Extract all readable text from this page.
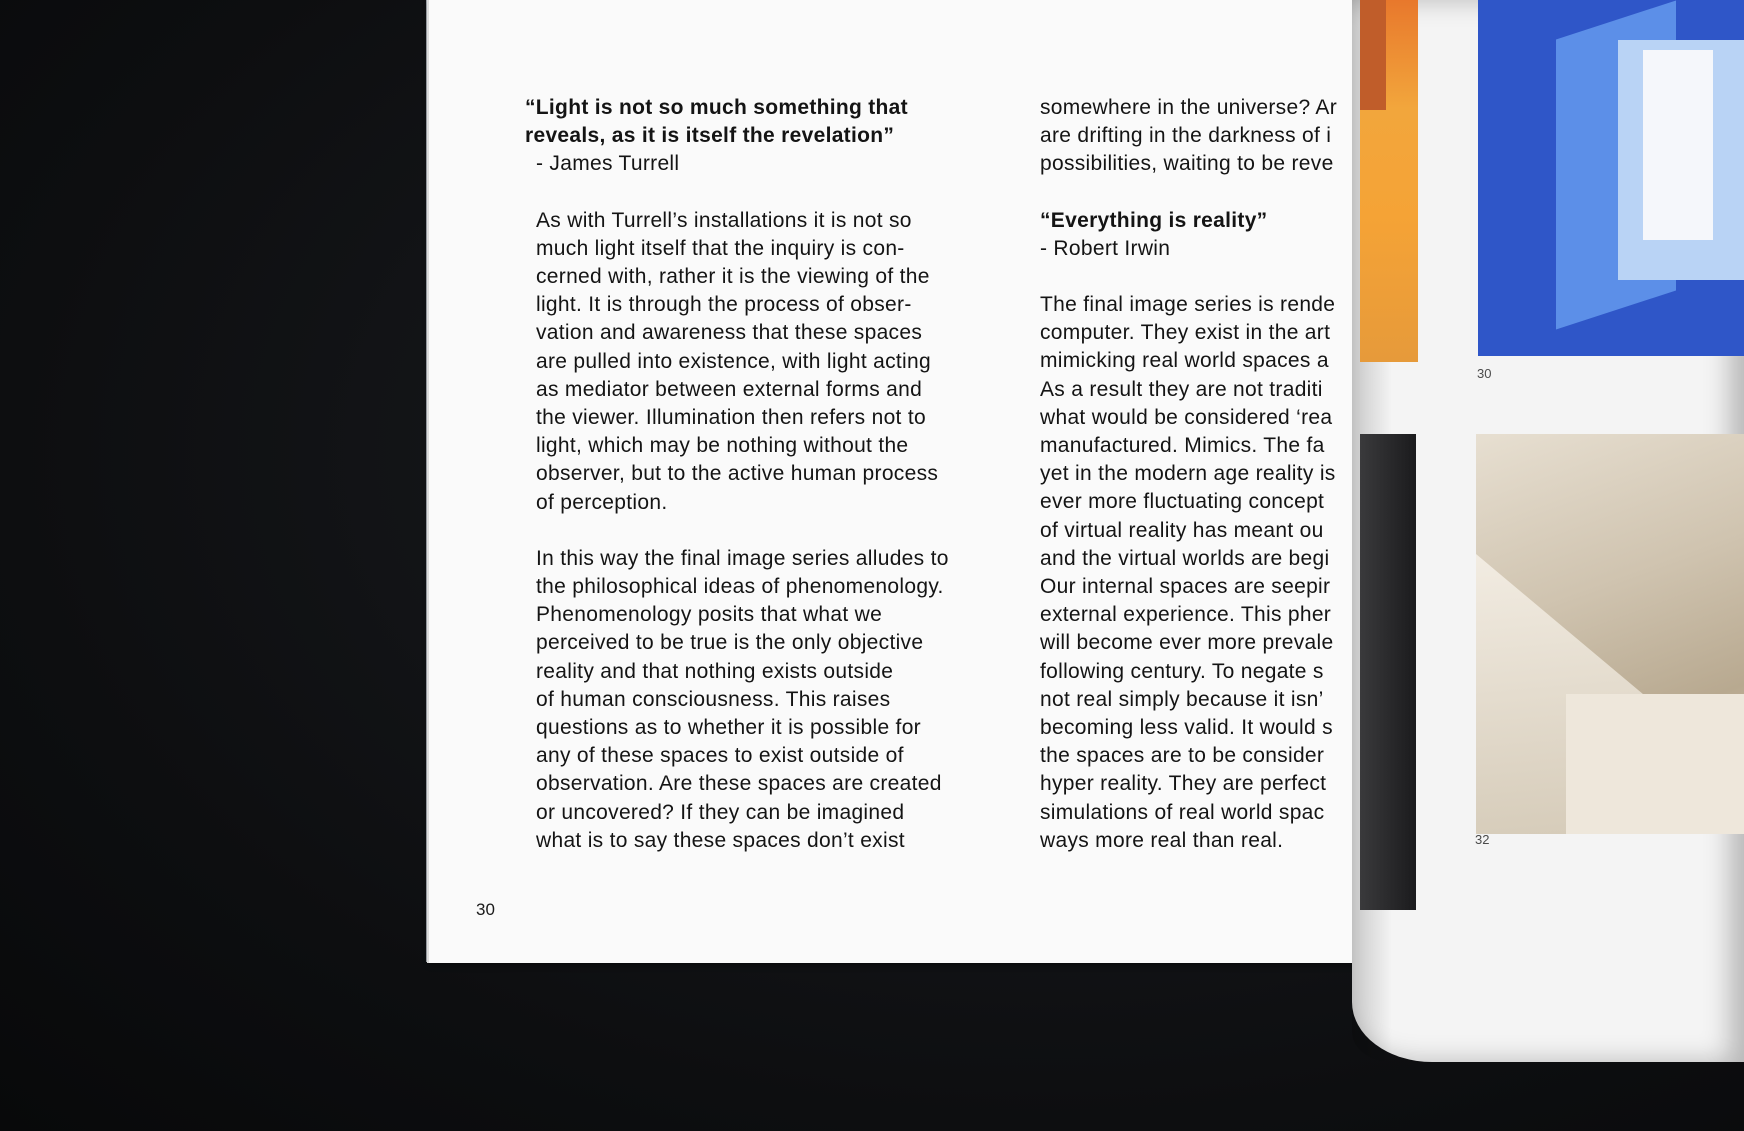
“Light is not so much something that
reveals, as it is itself the revelation”

- James Turrell

As with Turrell’s installations it is not so
much light itself that the inquiry is con-
cerned with, rather it is the viewing of the
light. It is through the process of obser-
vation and awareness that these spaces
are pulled into existence, with light acting
as mediator between external forms and
the viewer. Illumination then refers not to
light, which may be nothing without the
observer, but to the active human process
of perception.

In this way the final image series alludes to
the philosophical ideas of phenomenology.
Phenomenology posits that what we
perceived to be true is the only objective
reality and that nothing exists outside
of human consciousness. This raises
questions as to whether it is possible for
any of these spaces to exist outside of
observation. Are these spaces are created
or uncovered? If they can be imagined
what is to say these spaces don’t exist

somewhere in the universe? Ar
are drifting in the darkness of i
possibilities, waiting to be reve

“Everything is reality”

- Robert Irwin

The final image series is rende
computer. They exist in the art
mimicking real world spaces a
As a result they are not traditi
what would be considered ‘rea
manufactured. Mimics. The fa
yet in the modern age reality is
ever more fluctuating concept
of virtual reality has meant ou
and the virtual worlds are begi
Our internal spaces are seepir
external experience. This pher
will become ever more prevale
following century. To negate s
not real simply because it isn’
becoming less valid. It would s
the spaces are to be consider
hyper reality. They are perfect
simulations of real world spac
ways more real than real.

30
30
32
